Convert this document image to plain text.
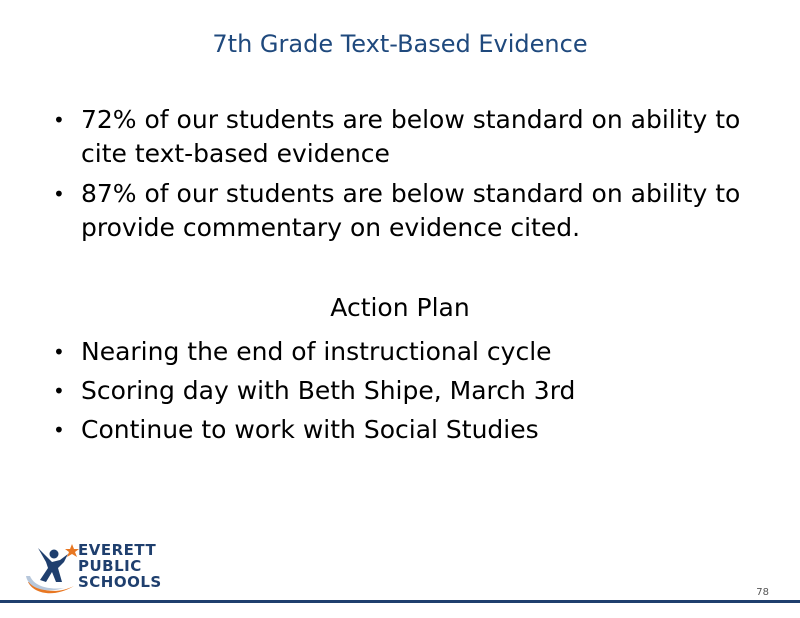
7th Grade Text-Based Evidence
• 72% of our students are below standard on ability to cite text-based evidence
• 87% of our students are below standard on ability to provide commentary on evidence cited.
Action Plan
• Nearing the end of instructional cycle
• Scoring day with Beth Shipe, March 3rd
• Continue to work with Social Studies
EVERETT
PUBLIC
SCHOOLS
78
